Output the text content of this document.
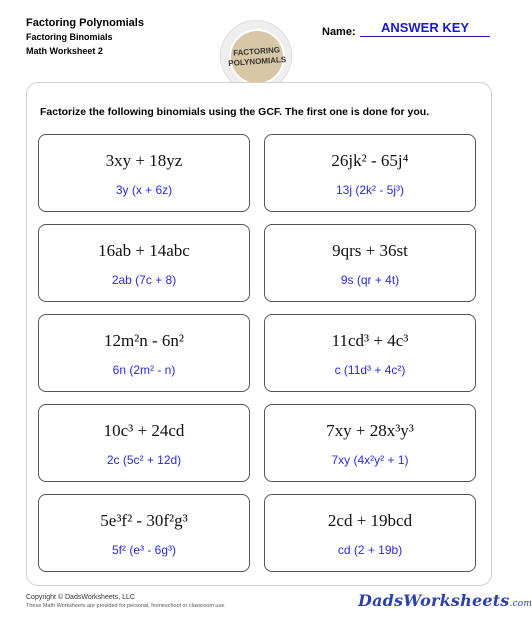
Factoring Polynomials
Factoring Binomials
Math Worksheet 2	FACTORING
POLYNOMIALS
Name:	ANSWER KEY
Factorize the following binomials using the GCF. The first one is done for you.
3xy + 18yz
3y (x + 6z)
26jk² - 65j⁴
13j (2k² - 5j³)
16ab + 14abc
2ab (7c + 8)
9qrs + 36st
9s (qr + 4t)
12m²n - 6n²
6n (2m² - n)
11cd³ + 4c³
c (11d³ + 4c²)
10c³ + 24cd
2c (5c² + 12d)
7xy + 28x³y³
7xy (4x²y² + 1)
5e³f² - 30f²g³
5f² (e³ - 6g³)
2cd + 19bcd
cd (2 + 19b)
Copyright © DadsWorksheets, LLC
These Math Worksheets are provided for personal, homeschool or classroom use.	DadsWorksheets.com
